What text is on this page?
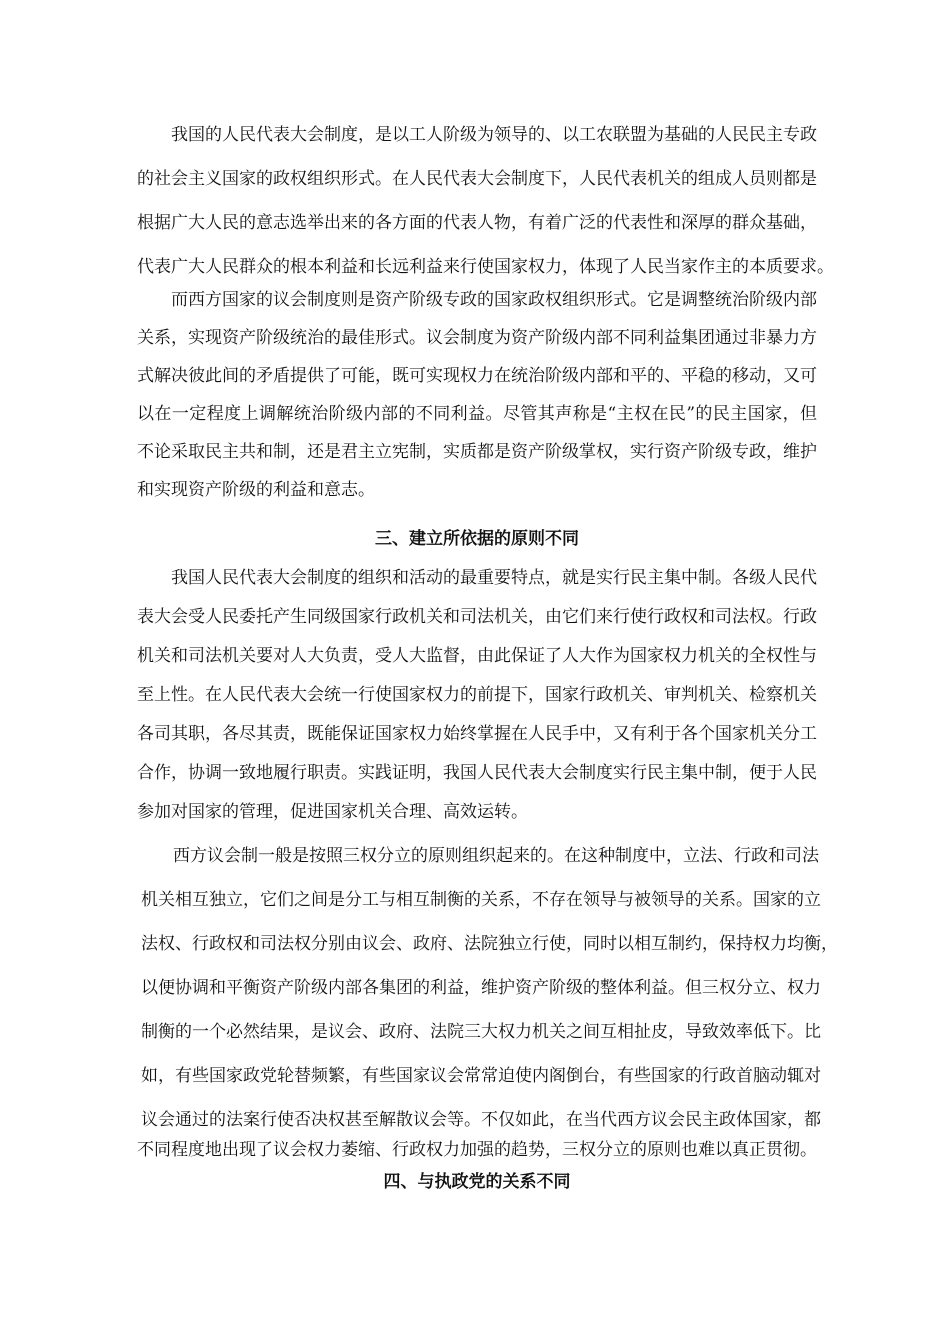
我国的人民代表大会制度，是以工人阶级为领导的、以工农联盟为基础的人民民主专政
的社会主义国家的政权组织形式。在人民代表大会制度下，人民代表机关的组成人员则都是
根据广大人民的意志选举出来的各方面的代表人物，有着广泛的代表性和深厚的群众基础，
代表广大人民群众的根本利益和长远利益来行使国家权力，体现了人民当家作主的本质要求。
而西方国家的议会制度则是资产阶级专政的国家政权组织形式。它是调整统治阶级内部
关系，实现资产阶级统治的最佳形式。议会制度为资产阶级内部不同利益集团通过非暴力方
式解决彼此间的矛盾提供了可能，既可实现权力在统治阶级内部和平的、平稳的移动，又可
以在一定程度上调解统治阶级内部的不同利益。尽管其声称是“主权在民”的民主国家，但
不论采取民主共和制，还是君主立宪制，实质都是资产阶级掌权，实行资产阶级专政，维护
和实现资产阶级的利益和意志。
三、建立所依据的原则不同
我国人民代表大会制度的组织和活动的最重要特点，就是实行民主集中制。各级人民代
表大会受人民委托产生同级国家行政机关和司法机关，由它们来行使行政权和司法权。行政
机关和司法机关要对人大负责，受人大监督，由此保证了人大作为国家权力机关的全权性与
至上性。在人民代表大会统一行使国家权力的前提下，国家行政机关、审判机关、检察机关
各司其职，各尽其责，既能保证国家权力始终掌握在人民手中，又有利于各个国家机关分工
合作，协调一致地履行职责。实践证明，我国人民代表大会制度实行民主集中制，便于人民
参加对国家的管理，促进国家机关合理、高效运转。
西方议会制一般是按照三权分立的原则组织起来的。在这种制度中，立法、行政和司法
机关相互独立，它们之间是分工与相互制衡的关系，不存在领导与被领导的关系。国家的立
法权、行政权和司法权分别由议会、政府、法院独立行使，同时以相互制约，保持权力均衡，
以便协调和平衡资产阶级内部各集团的利益，维护资产阶级的整体利益。但三权分立、权力
制衡的一个必然结果，是议会、政府、法院三大权力机关之间互相扯皮，导致效率低下。比
如，有些国家政党轮替频繁，有些国家议会常常迫使内阁倒台，有些国家的行政首脑动辄对
议会通过的法案行使否决权甚至解散议会等。不仅如此，在当代西方议会民主政体国家，都
不同程度地出现了议会权力萎缩、行政权力加强的趋势，三权分立的原则也难以真正贯彻。
四、与执政党的关系不同
